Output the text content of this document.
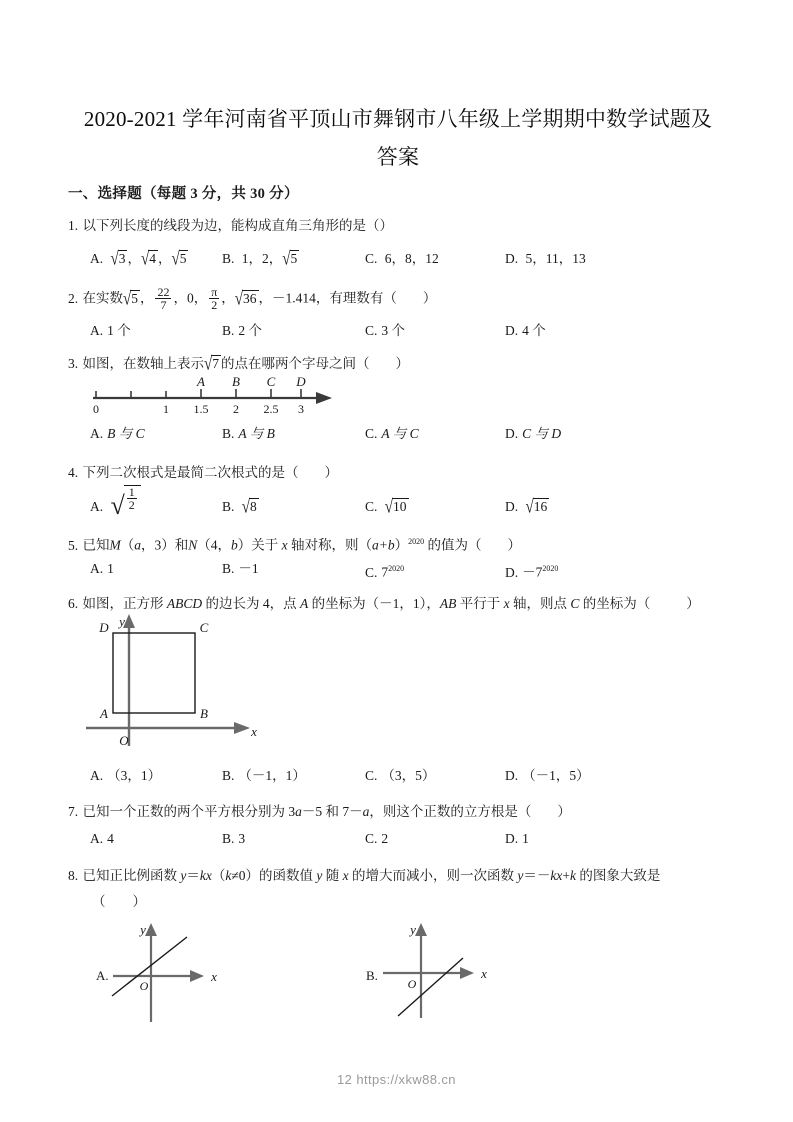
2020-2021 学年河南省平顶山市舞钢市八年级上学期期中数学试题及
答案
一、选择题（每题 3 分，共 30 分）
1. 以下列长度的线段为边，能构成直角三角形的是（）
A. √3 ，√4 ，√5	B. 1，2，√5	C. 6，8，12	D. 5，11，13
2. 在实数√5 ， $\frac{22}{7}$ ，0， $\frac{\pi}{2}$ ，√36 ，－1.414，有理数有（ ）
A. 1 个	B. 2 个	C. 3 个	D. 4 个
3. 如图，在数轴上表示√7 的点在哪两个字母之间（ ）
A B C D
0	1 1.5 2 2.5 3
A. B 与 C	B. A 与 B	C. A 与 C	D. C 与 D
4. 下列二次根式是最简二次根式的是（ ）
A. √ $\frac{1}{2}$	B. √8	C. √10	D. √16
5. 已知M（a，3）和N（4，b）关于 x 轴对称，则$(a+b)^{2020}$ 的值为（ ）
A. 1	B. －1	C. $7^{2020}$	D. $-7^{2020}$
6. 如图，正方形 ABCD 的边长为 4，点 A 的坐标为（－1，1），AB 平行于 x 轴，则点 C 的坐标为（	）
x
y
O
D	C
A	B
A. （3，1）	B. （－1，1）	C. （3，5）	D. （－1，5）
7. 已知一个正数的两个平方根分别为 3a－5 和 7－a，则这个正数的立方根是（ ）
A. 4	B. 3	C. 2	D. 1
8. 已知正比例函数 y＝kx（k≠0）的函数值 y 随 x 的增大而减小，则一次函数 y＝－kx+k 的图象大致是
（　　）
A.	x
y
O
B.	x
y
O
12 https://xkw88.cn
